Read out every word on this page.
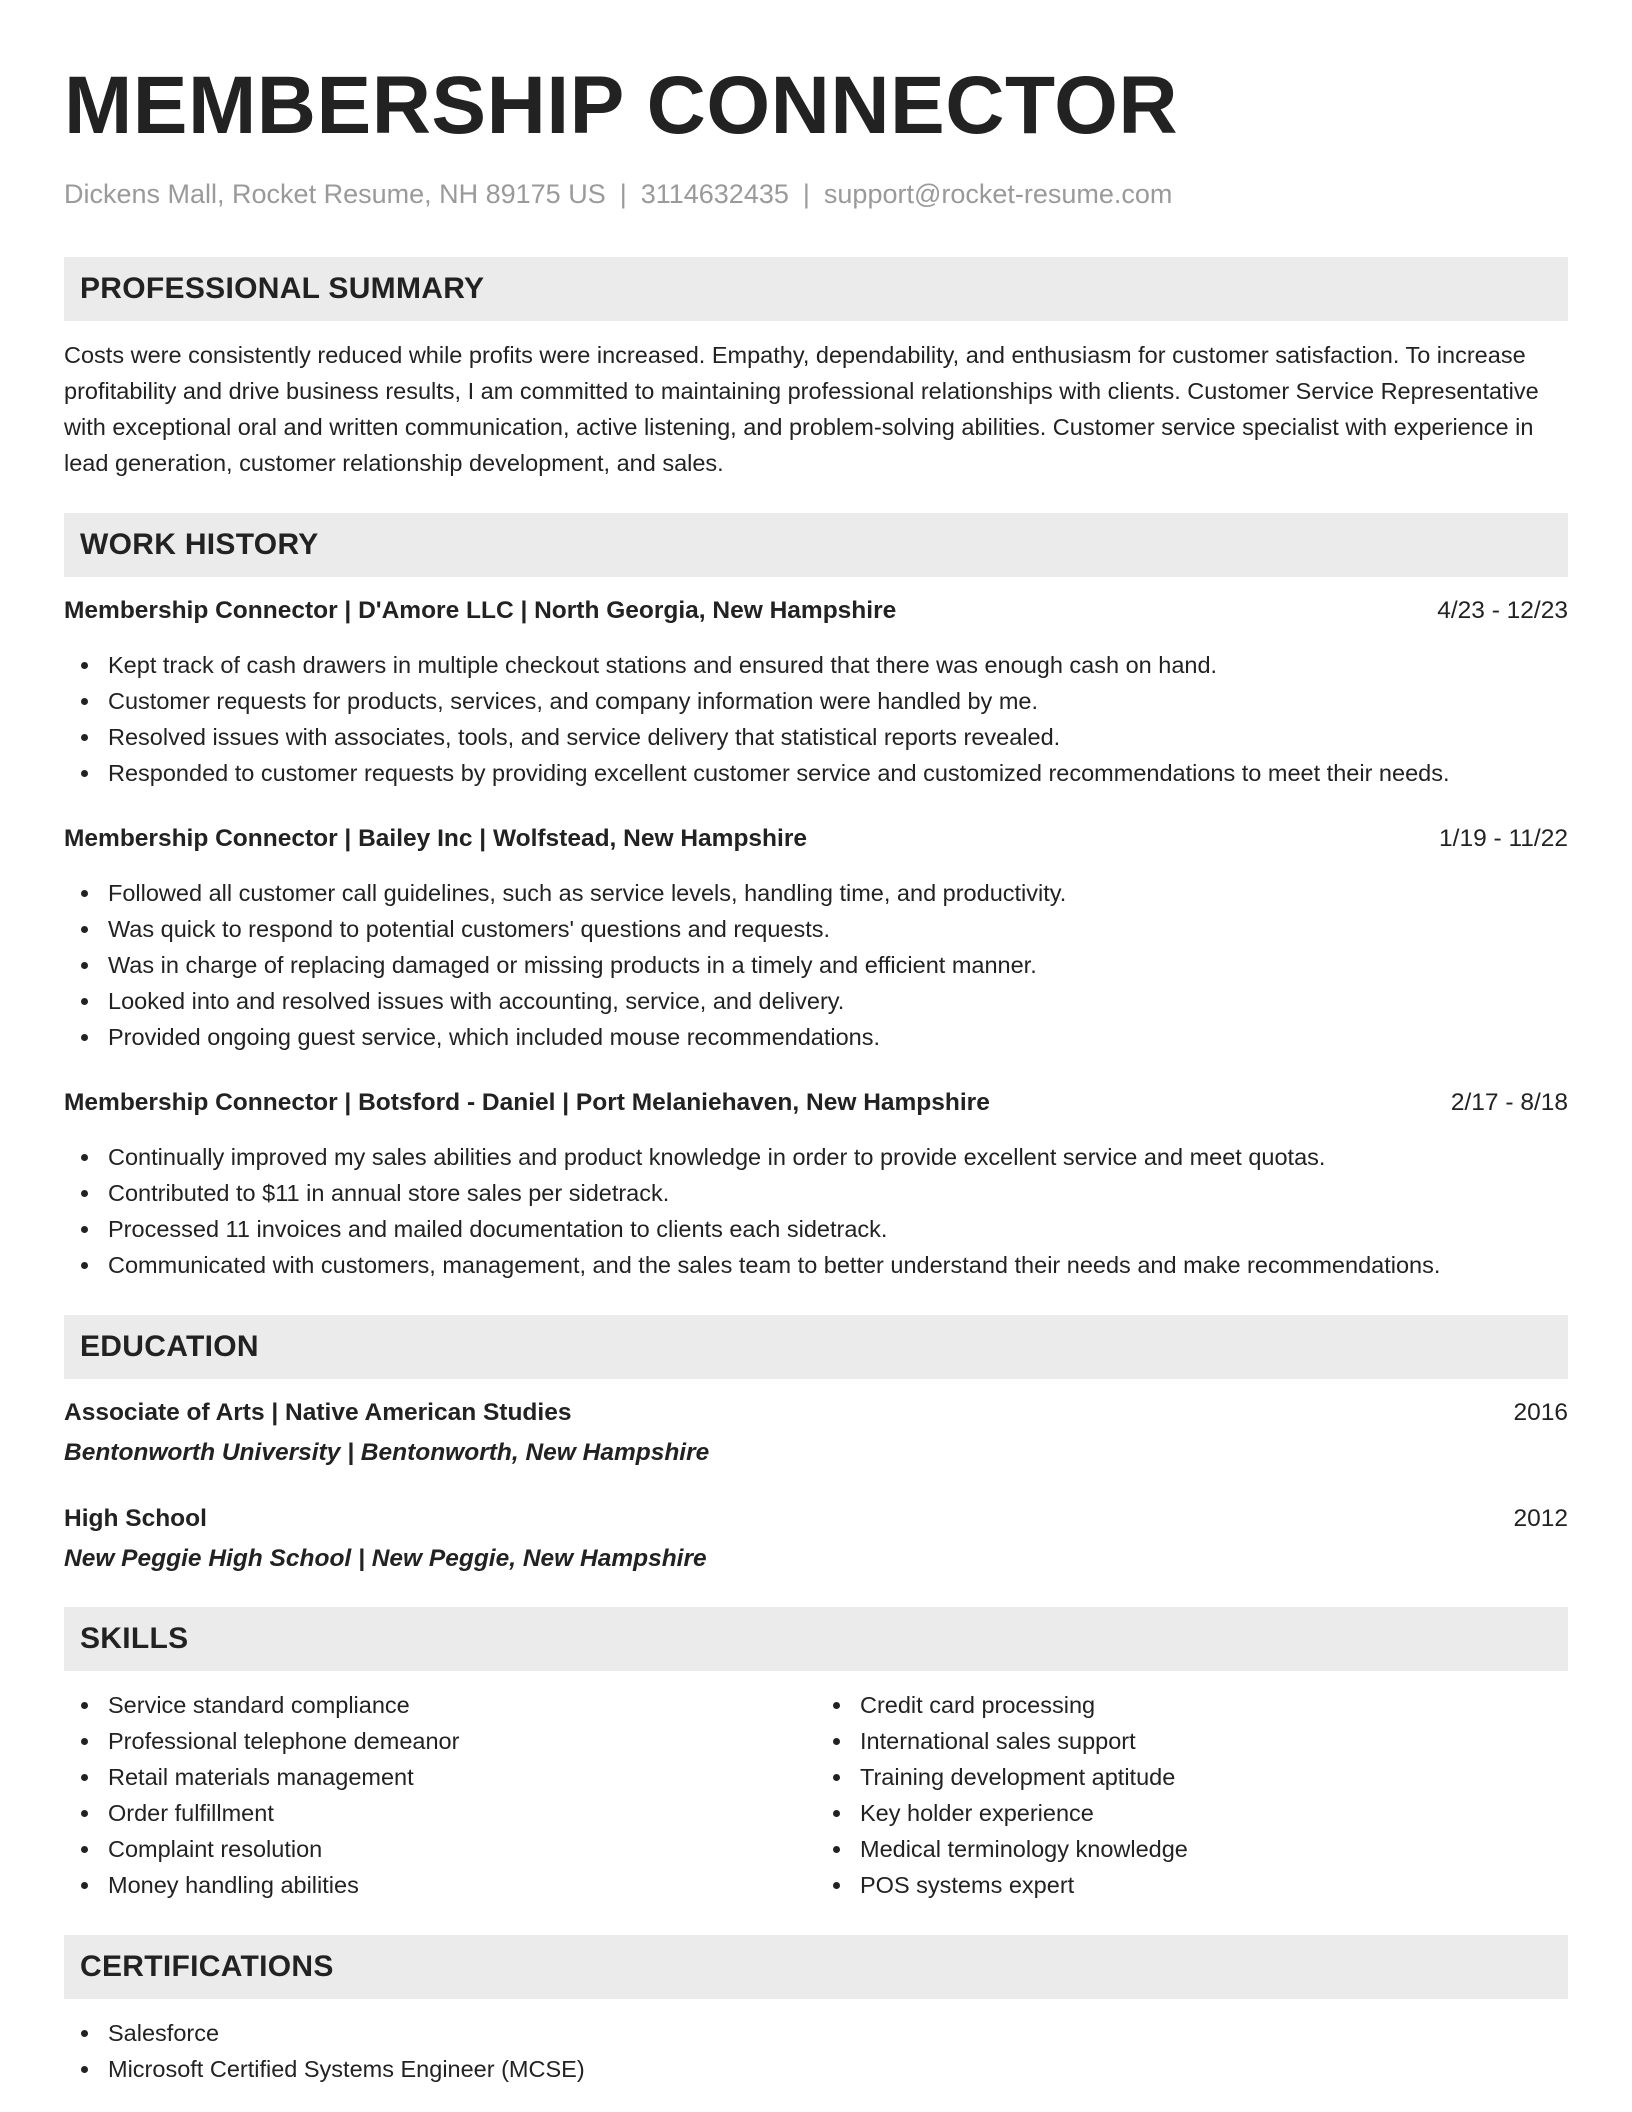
MEMBERSHIP CONNECTOR
Dickens Mall, Rocket Resume, NH 89175 US | 3114632435 | support@rocket-resume.com
PROFESSIONAL SUMMARY

Costs were consistently reduced while profits were increased. Empathy, dependability, and enthusiasm for customer satisfaction. To increase profitability and drive business results, I am committed to maintaining professional relationships with clients. Customer Service Representative with exceptional oral and written communication, active listening, and problem-solving abilities. Customer service specialist with experience in lead generation, customer relationship development, and sales.

WORK HISTORY
Membership Connector | D'Amore LLC | North Georgia, New Hampshire	4/23 - 12/23
Kept track of cash drawers in multiple checkout stations and ensured that there was enough cash on hand.
Customer requests for products, services, and company information were handled by me.
Resolved issues with associates, tools, and service delivery that statistical reports revealed.
Responded to customer requests by providing excellent customer service and customized recommendations to meet their needs.
Membership Connector | Bailey Inc | Wolfstead, New Hampshire	1/19 - 11/22
Followed all customer call guidelines, such as service levels, handling time, and productivity.
Was quick to respond to potential customers' questions and requests.
Was in charge of replacing damaged or missing products in a timely and efficient manner.
Looked into and resolved issues with accounting, service, and delivery.
Provided ongoing guest service, which included mouse recommendations.
Membership Connector | Botsford - Daniel | Port Melaniehaven, New Hampshire	2/17 - 8/18
Continually improved my sales abilities and product knowledge in order to provide excellent service and meet quotas.
Contributed to $11 in annual store sales per sidetrack.
Processed 11 invoices and mailed documentation to clients each sidetrack.
Communicated with customers, management, and the sales team to better understand their needs and make recommendations.
EDUCATION
Associate of Arts | Native American Studies	2016
Bentonworth University | Bentonworth, New Hampshire
High School	2012
New Peggie High School | New Peggie, New Hampshire
SKILLS
Service standard compliance
Professional telephone demeanor
Retail materials management
Order fulfillment
Complaint resolution
Money handling abilities
Credit card processing
International sales support
Training development aptitude
Key holder experience
Medical terminology knowledge
POS systems expert
CERTIFICATIONS
Salesforce
Microsoft Certified Systems Engineer (MCSE)
